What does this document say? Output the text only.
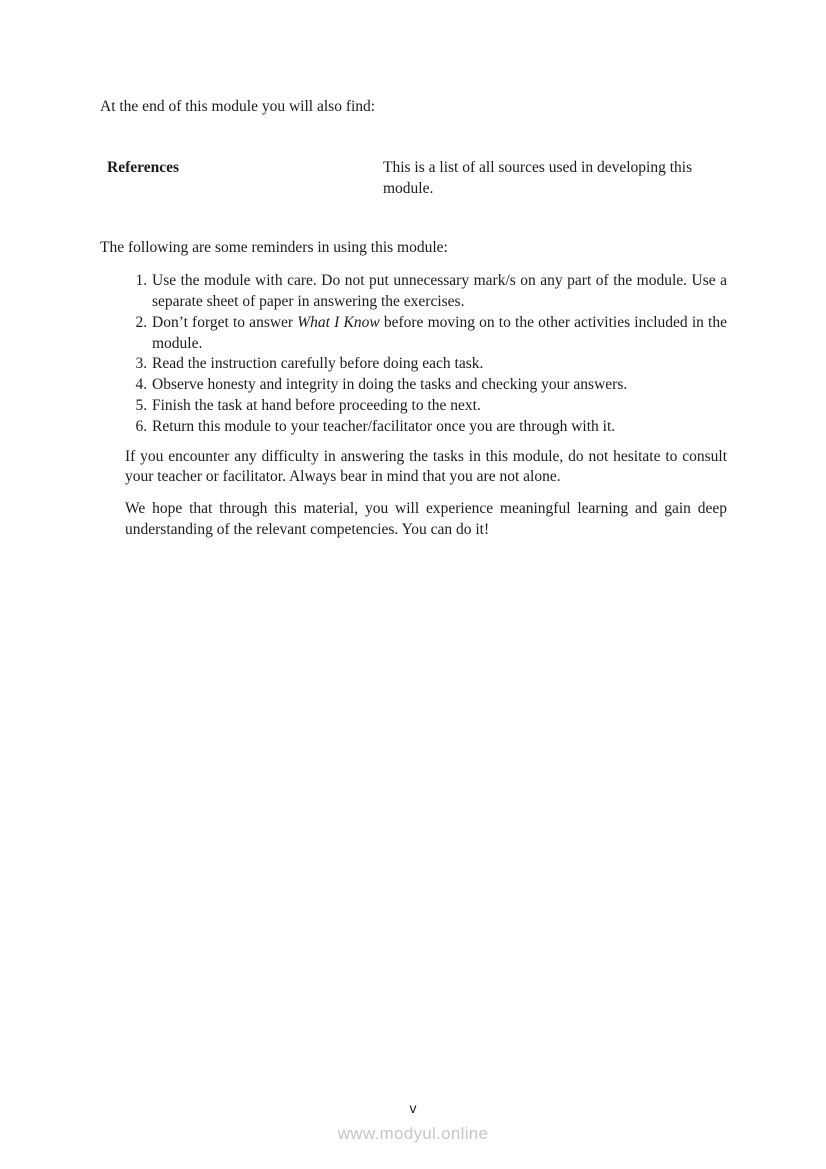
At the end of this module you will also find:

References	This is a list of all sources used in developing this module.

The following are some reminders in using this module:

1. Use the module with care. Do not put unnecessary mark/s on any part of the module. Use a separate sheet of paper in answering the exercises.
2. Don’t forget to answer What I Know before moving on to the other activities included in the module.
3. Read the instruction carefully before doing each task.
4. Observe honesty and integrity in doing the tasks and checking your answers.
5. Finish the task at hand before proceeding to the next.
6. Return this module to your teacher/facilitator once you are through with it.

If you encounter any difficulty in answering the tasks in this module, do not hesitate to consult your teacher or facilitator. Always bear in mind that you are not alone.

We hope that through this material, you will experience meaningful learning and gain deep understanding of the relevant competencies. You can do it!

v
www.modyul.online
